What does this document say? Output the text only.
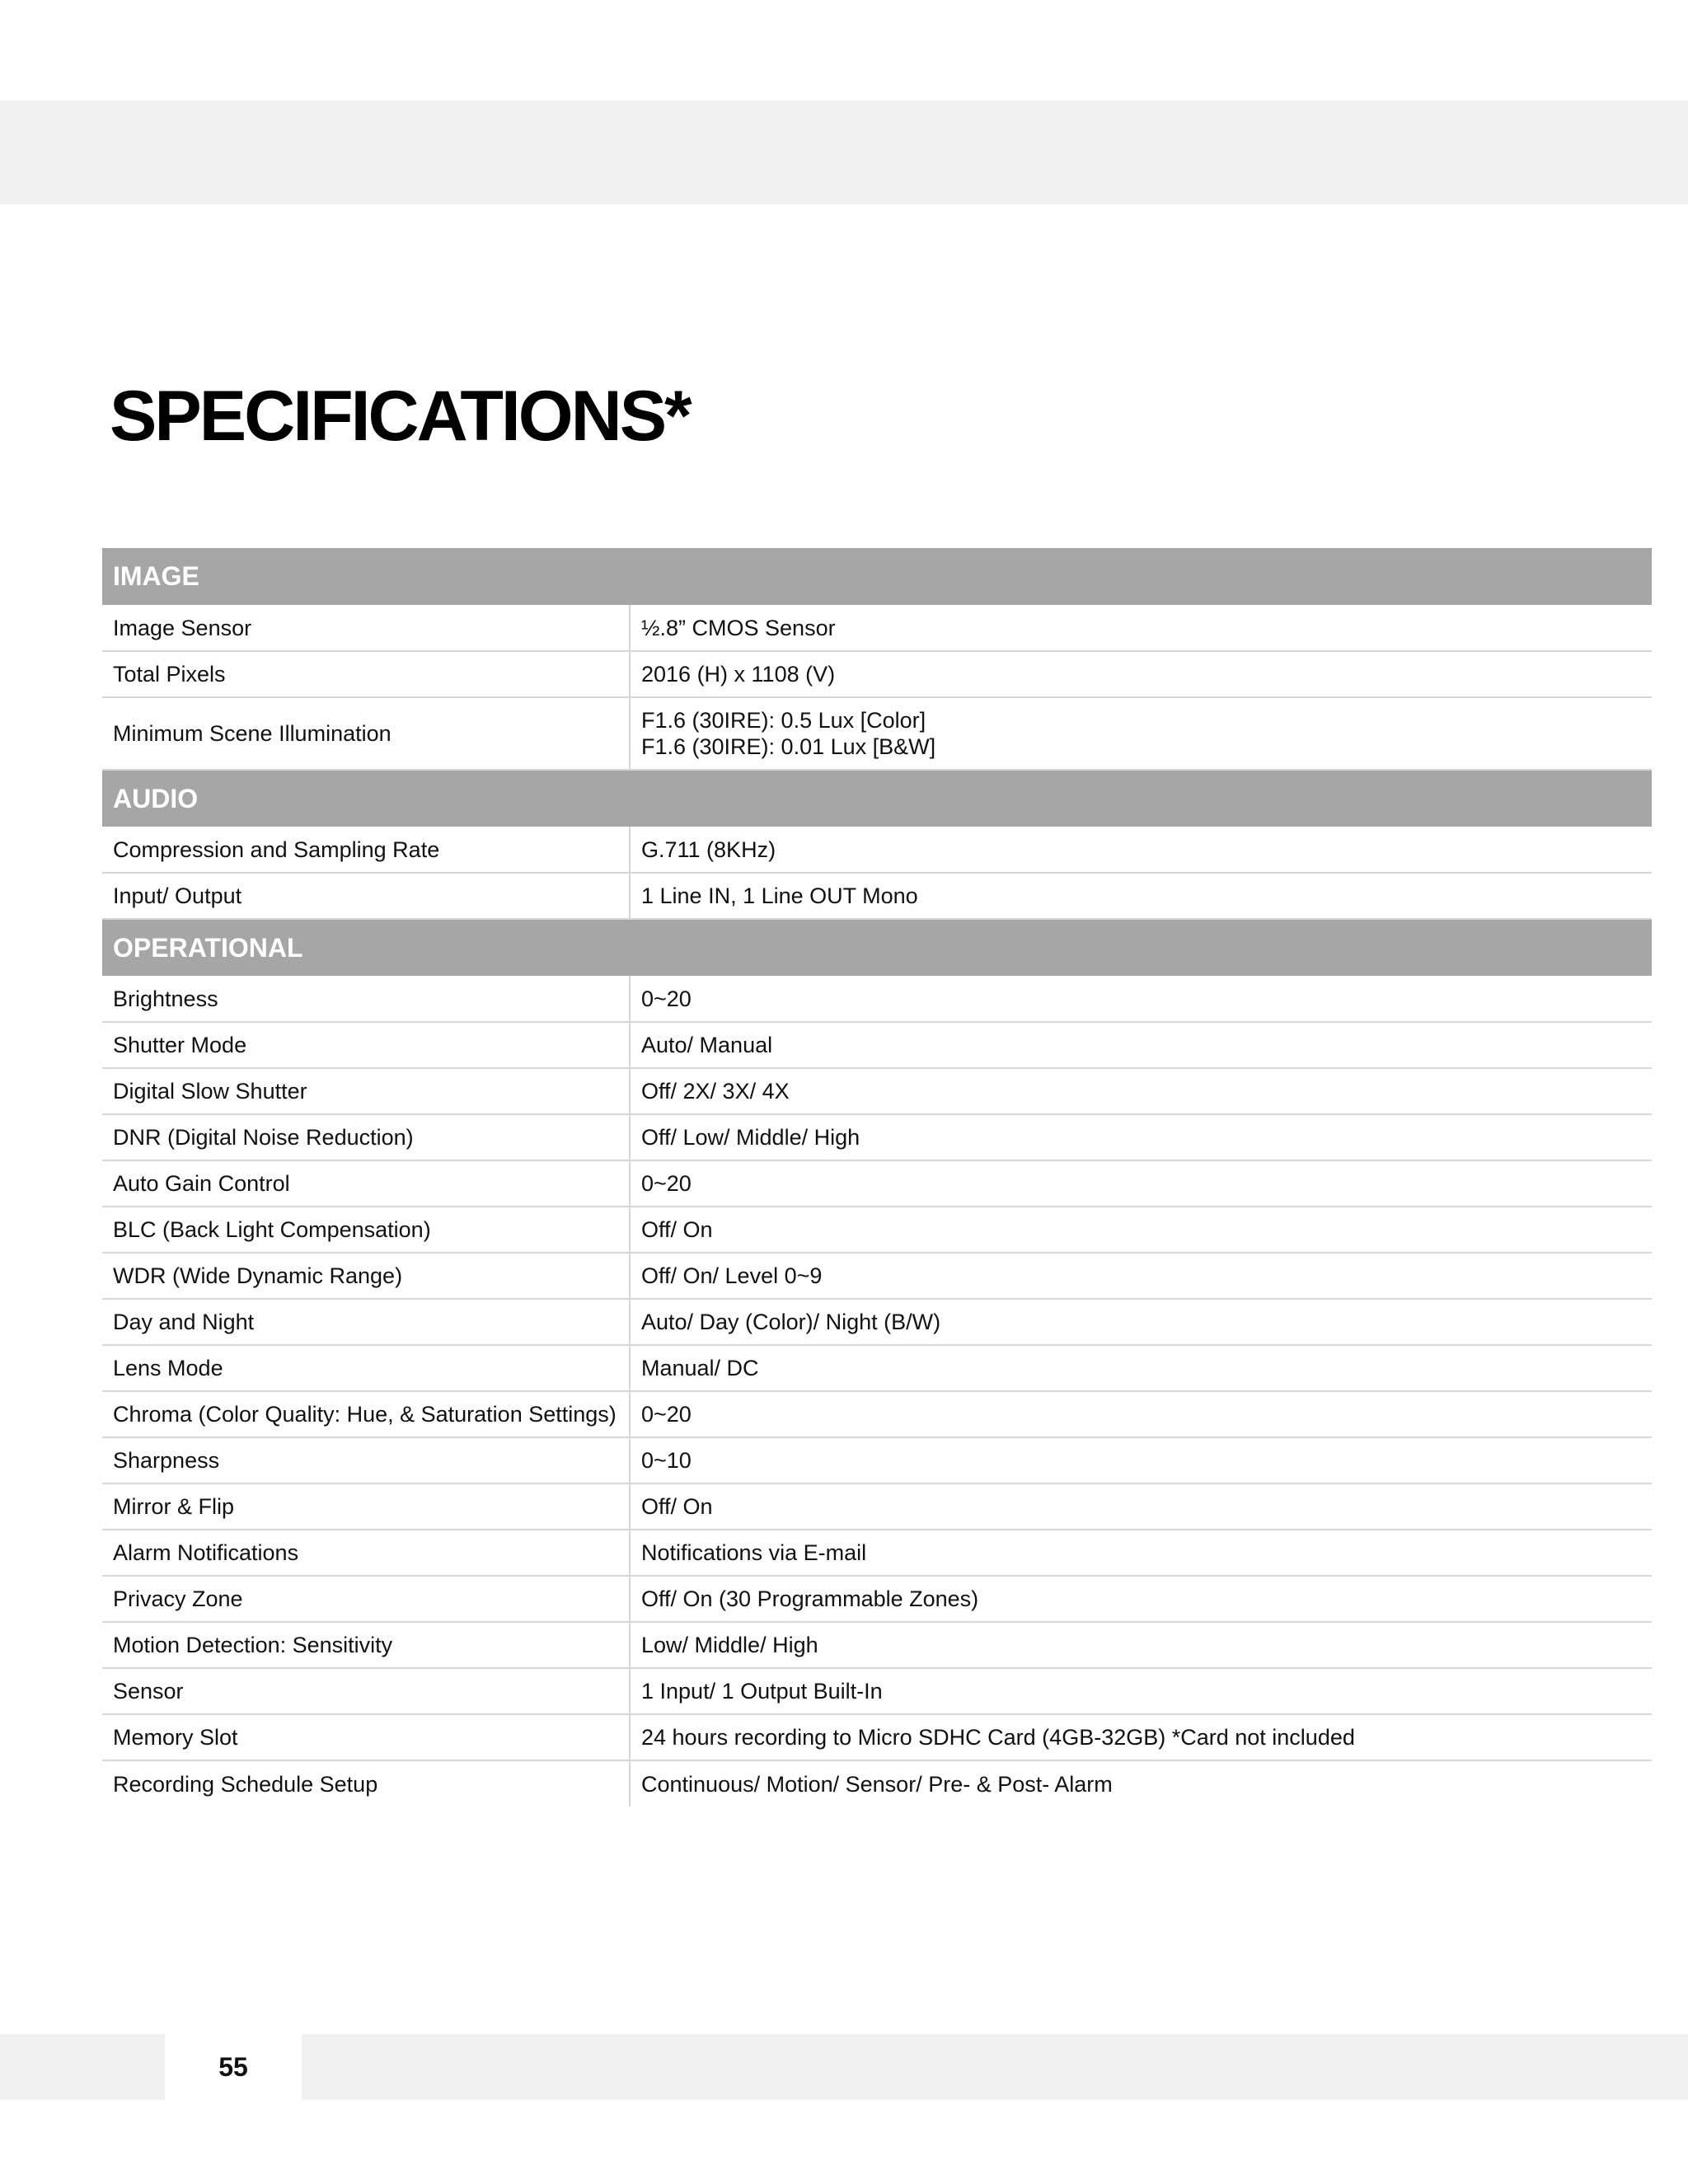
SPECIFICATIONS*
IMAGE	
Image Sensor	½.8” CMOS Sensor

Total Pixels	2016 (H) x 1108 (V)

Minimum Scene Illumination	F1.6 (30IRE): 0.5 Lux [Color]
F1.6 (30IRE): 0.01 Lux [B&W]

AUDIO	
Compression and Sampling Rate	G.711 (8KHz)

Input/ Output	1 Line IN, 1 Line OUT Mono

OPERATIONAL	
Brightness	0~20

Shutter Mode	Auto/ Manual

Digital Slow Shutter	Off/ 2X/ 3X/ 4X

DNR (Digital Noise Reduction)	Off/ Low/ Middle/ High

Auto Gain Control	0~20

BLC (Back Light Compensation)	Off/ On

WDR (Wide Dynamic Range)	Off/ On/ Level 0~9

Day and Night	Auto/ Day (Color)/ Night (B/W)

Lens Mode	Manual/ DC

Chroma (Color Quality: Hue, & Saturation Settings)	0~20

Sharpness	0~10

Mirror & Flip	Off/ On

Alarm Notifications	Notifications via E-mail

Privacy Zone	Off/ On (30 Programmable Zones)

Motion Detection: Sensitivity	Low/ Middle/ High

Sensor	1 Input/ 1 Output Built-In

Memory Slot	24 hours recording to Micro SDHC Card (4GB-32GB) *Card not included

Recording Schedule Setup	Continuous/ Motion/ Sensor/ Pre- & Post- Alarm
55
